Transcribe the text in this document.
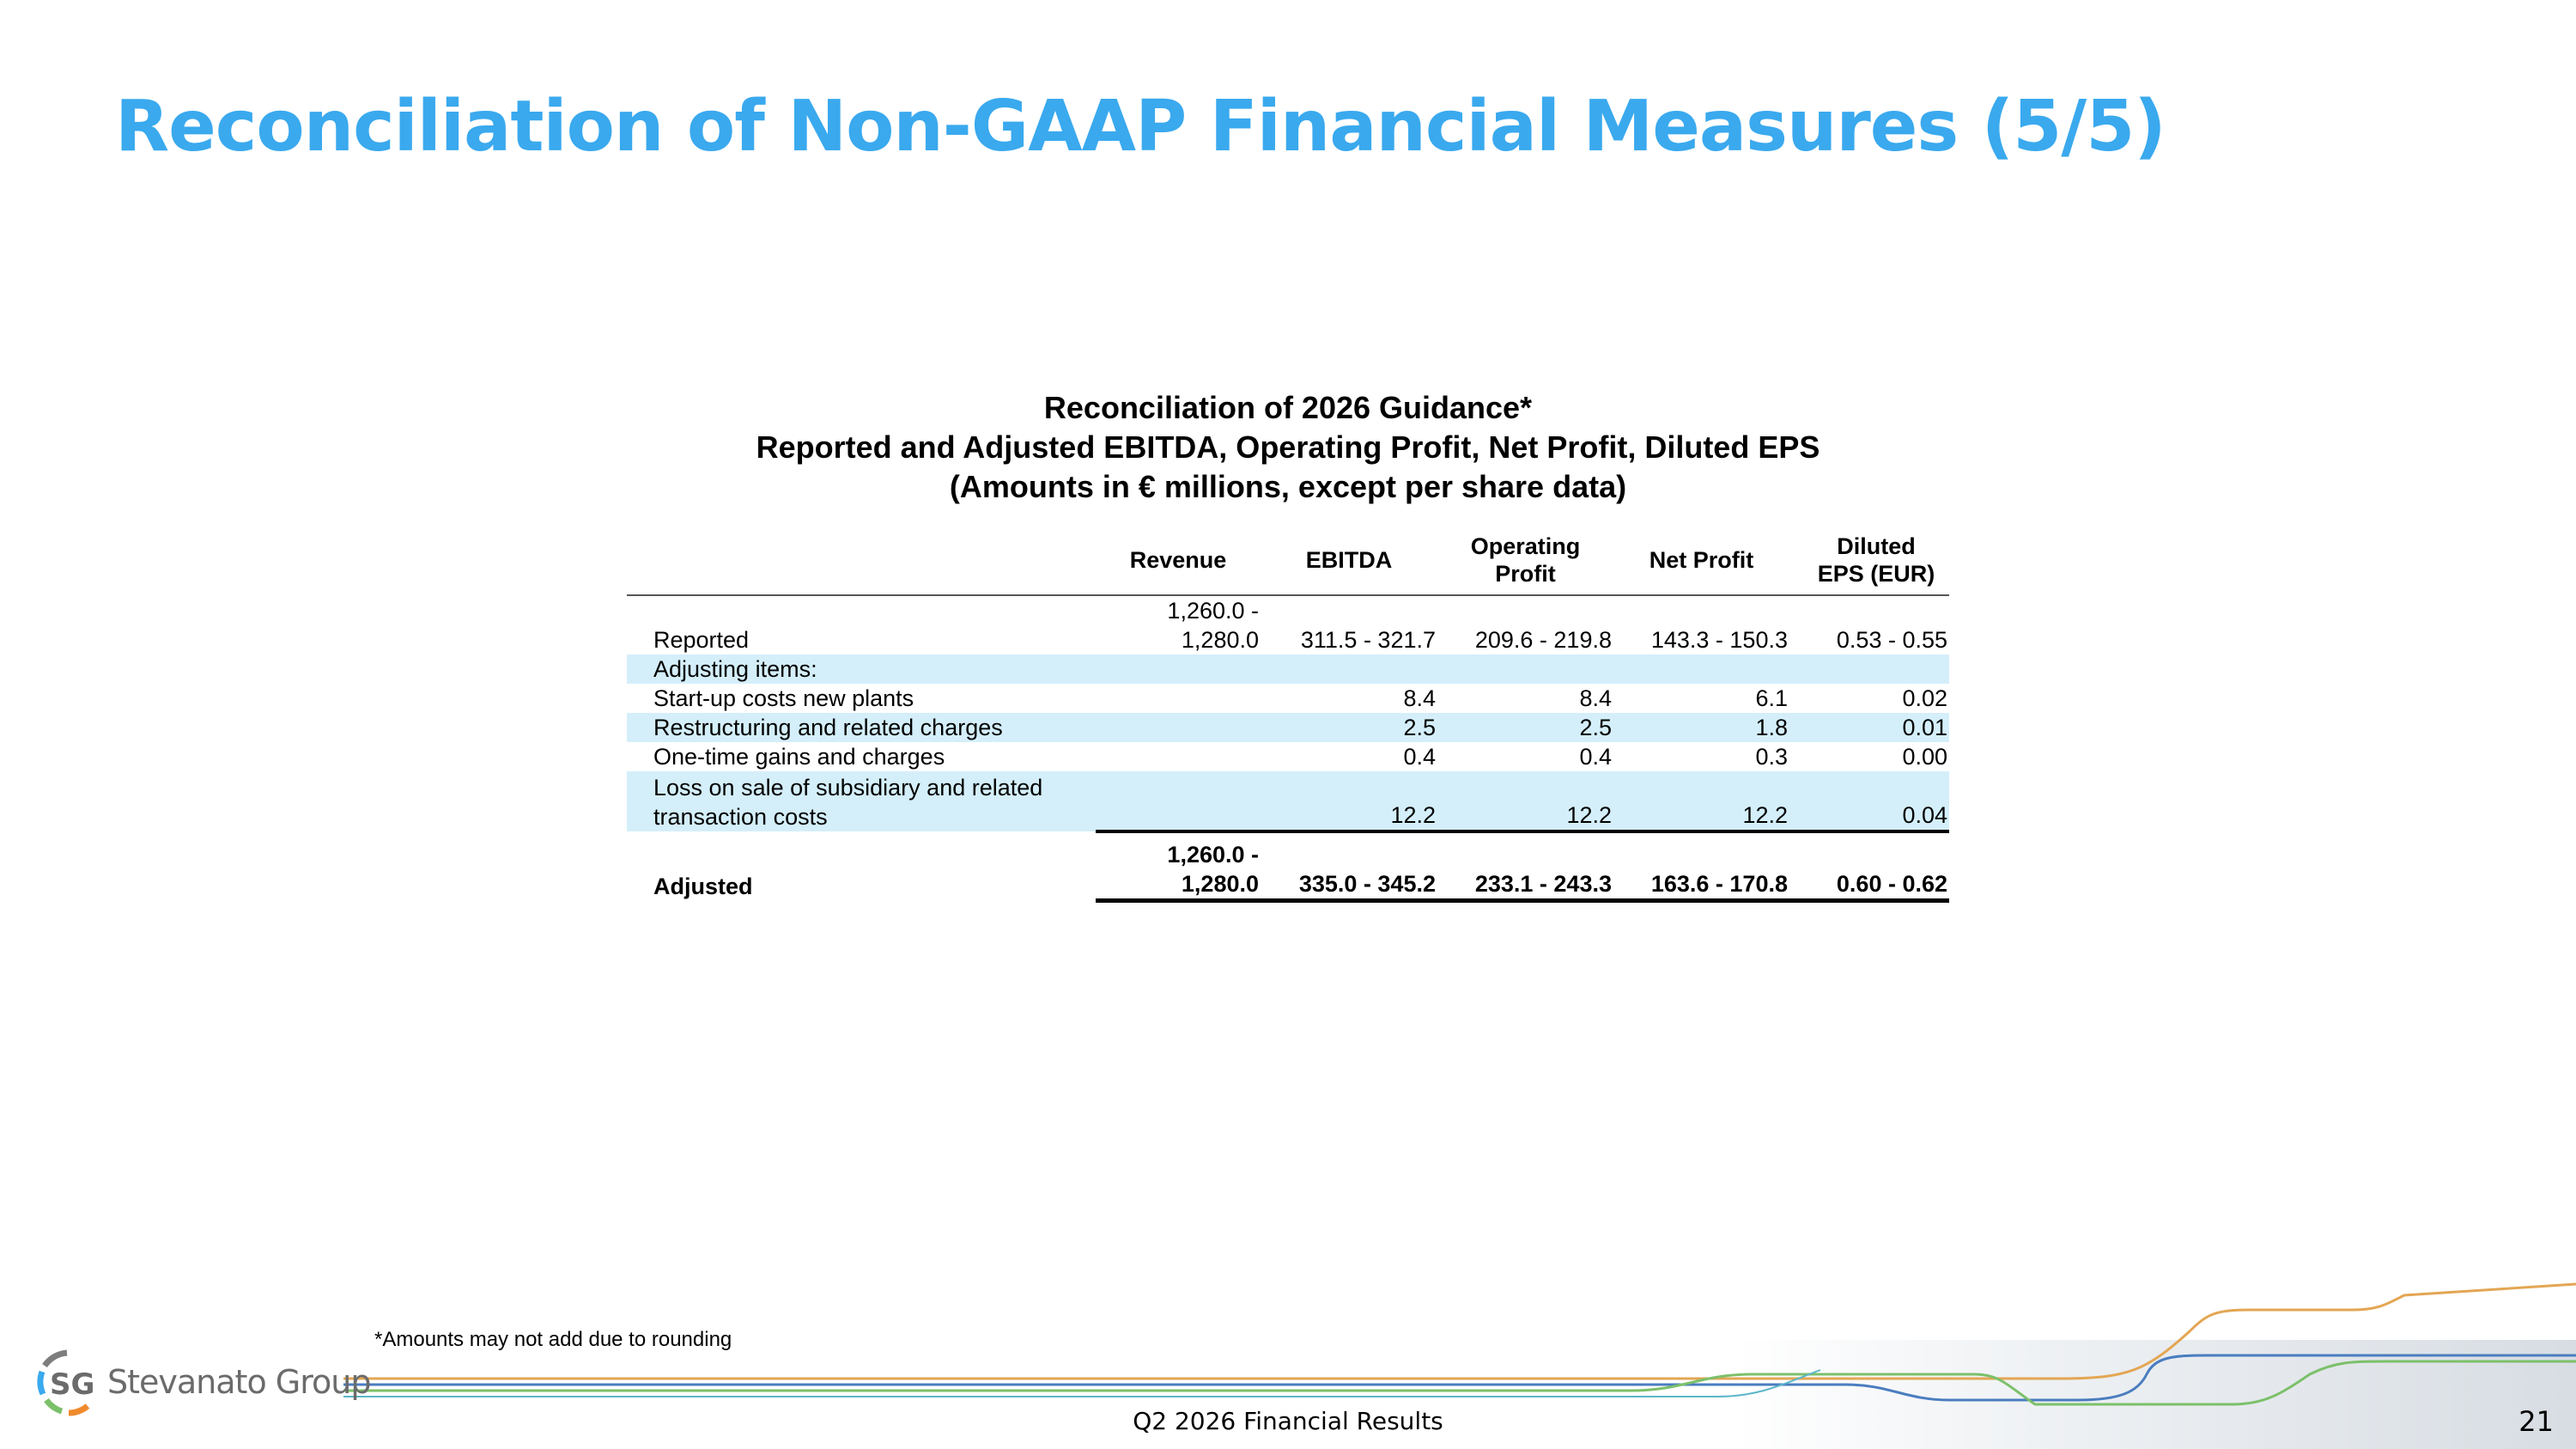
Reconciliation of Non-GAAP Financial Measures (5/5)
Reconciliation of 2026 Guidance*
Reported and Adjusted EBITDA, Operating Profit, Net Profit, Diluted EPS
(Amounts in € millions, except per share data)
	Revenue	EBITDA	Operating Profit	Net Profit	Diluted EPS (EUR)
Reported	1,260.0 - 1,280.0	311.5 - 321.7	209.6 - 219.8	143.3 - 150.3	0.53 - 0.55
Adjusting items:					
Start-up costs new plants		8.4	8.4	6.1	0.02
Restructuring and related charges		2.5	2.5	1.8	0.01
One-time gains and charges		0.4	0.4	0.3	0.00
Loss on sale of subsidiary and related transaction costs		12.2	12.2	12.2	0.04
Adjusted	1,260.0 - 1,280.0	335.0 - 345.2	233.1 - 243.3	163.6 - 170.8	0.60 - 0.62
*Amounts may not add due to rounding
SG Stevanato Group
Q2 2026 Financial Results	21
